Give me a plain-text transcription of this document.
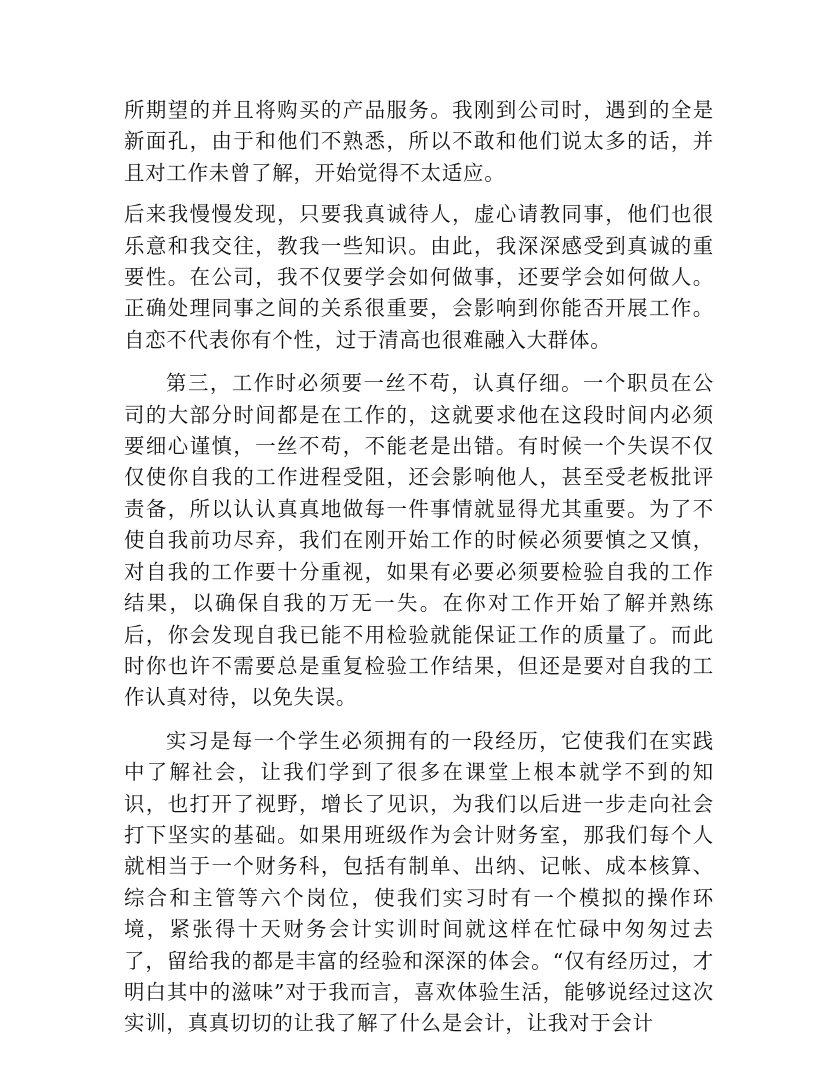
所期望的并且将购买的产品服务。我刚到公司时，遇到的全是新面孔，由于和他们不熟悉，所以不敢和他们说太多的话，并且对工作未曾了解，开始觉得不太适应。

后来我慢慢发现，只要我真诚待人，虚心请教同事，他们也很乐意和我交往，教我一些知识。由此，我深深感受到真诚的重要性。在公司，我不仅要学会如何做事，还要学会如何做人。正确处理同事之间的关系很重要，会影响到你能否开展工作。自恋不代表你有个性，过于清高也很难融入大群体。

第三，工作时必须要一丝不苟，认真仔细。一个职员在公司的大部分时间都是在工作的，这就要求他在这段时间内必须要细心谨慎，一丝不苟，不能老是出错。有时候一个失误不仅仅使你自我的工作进程受阻，还会影响他人，甚至受老板批评责备，所以认认真真地做每一件事情就显得尤其重要。为了不使自我前功尽弃，我们在刚开始工作的时候必须要慎之又慎，对自我的工作要十分重视，如果有必要必须要检验自我的工作结果，以确保自我的万无一失。在你对工作开始了解并熟练后，你会发现自我已能不用检验就能保证工作的质量了。而此时你也许不需要总是重复检验工作结果，但还是要对自我的工作认真对待，以免失误。

实习是每一个学生必须拥有的一段经历，它使我们在实践中了解社会，让我们学到了很多在课堂上根本就学不到的知识，也打开了视野，增长了见识，为我们以后进一步走向社会打下坚实的基础。如果用班级作为会计财务室，那我们每个人就相当于一个财务科，包括有制单、出纳、记帐、成本核算、综合和主管等六个岗位，使我们实习时有一个模拟的操作环境，紧张得十天财务会计实训时间就这样在忙碌中匆匆过去了，留给我的都是丰富的经验和深深的体会。“仅有经历过，才明白其中的滋味”对于我而言，喜欢体验生活，能够说经过这次实训，真真切切的让我了解了什么是会计，让我对于会计
